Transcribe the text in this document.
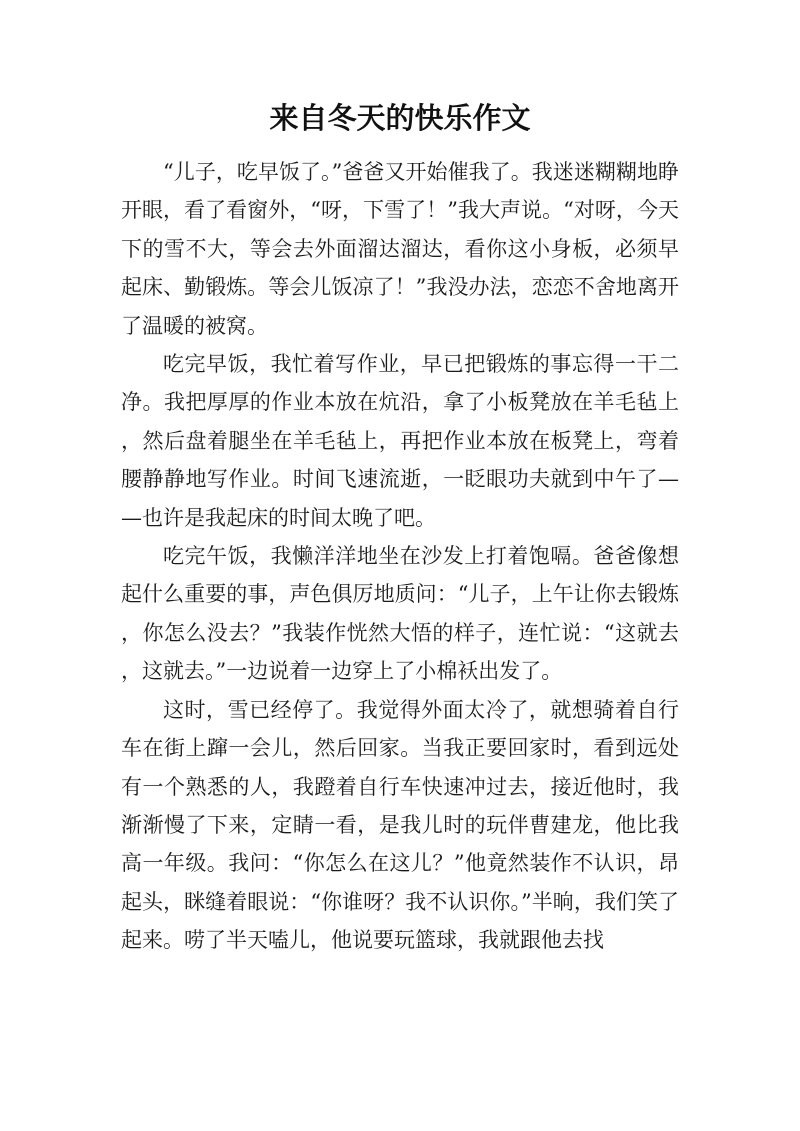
来自冬天的快乐作文

“儿子，吃早饭了。”爸爸又开始催我了。我迷迷糊糊地睁开眼，看了看窗外，“呀，下雪了！”我大声说。“对呀，今天下的雪不大，等会去外面溜达溜达，看你这小身板，必须早起床、勤锻炼。等会儿饭凉了！”我没办法，恋恋不舍地离开了温暖的被窝。

吃完早饭，我忙着写作业，早已把锻炼的事忘得一干二净。我把厚厚的作业本放在炕沿，拿了小板凳放在羊毛毡上，然后盘着腿坐在羊毛毡上，再把作业本放在板凳上，弯着腰静静地写作业。时间飞速流逝，一眨眼功夫就到中午了——也许是我起床的时间太晚了吧。

吃完午饭，我懒洋洋地坐在沙发上打着饱嗝。爸爸像想起什么重要的事，声色俱厉地质问：“儿子，上午让你去锻炼，你怎么没去？”我装作恍然大悟的样子，连忙说：“这就去，这就去。”一边说着一边穿上了小棉袄出发了。

这时，雪已经停了。我觉得外面太冷了，就想骑着自行车在街上蹿一会儿，然后回家。当我正要回家时，看到远处有一个熟悉的人，我蹬着自行车快速冲过去，接近他时，我渐渐慢了下来，定睛一看，是我儿时的玩伴曹建龙，他比我高一年级。我问：“你怎么在这儿？”他竟然装作不认识，昂起头，眯缝着眼说：“你谁呀？我不认识你。”半晌，我们笑了起来。唠了半天嗑儿，他说要玩篮球，我就跟他去找
